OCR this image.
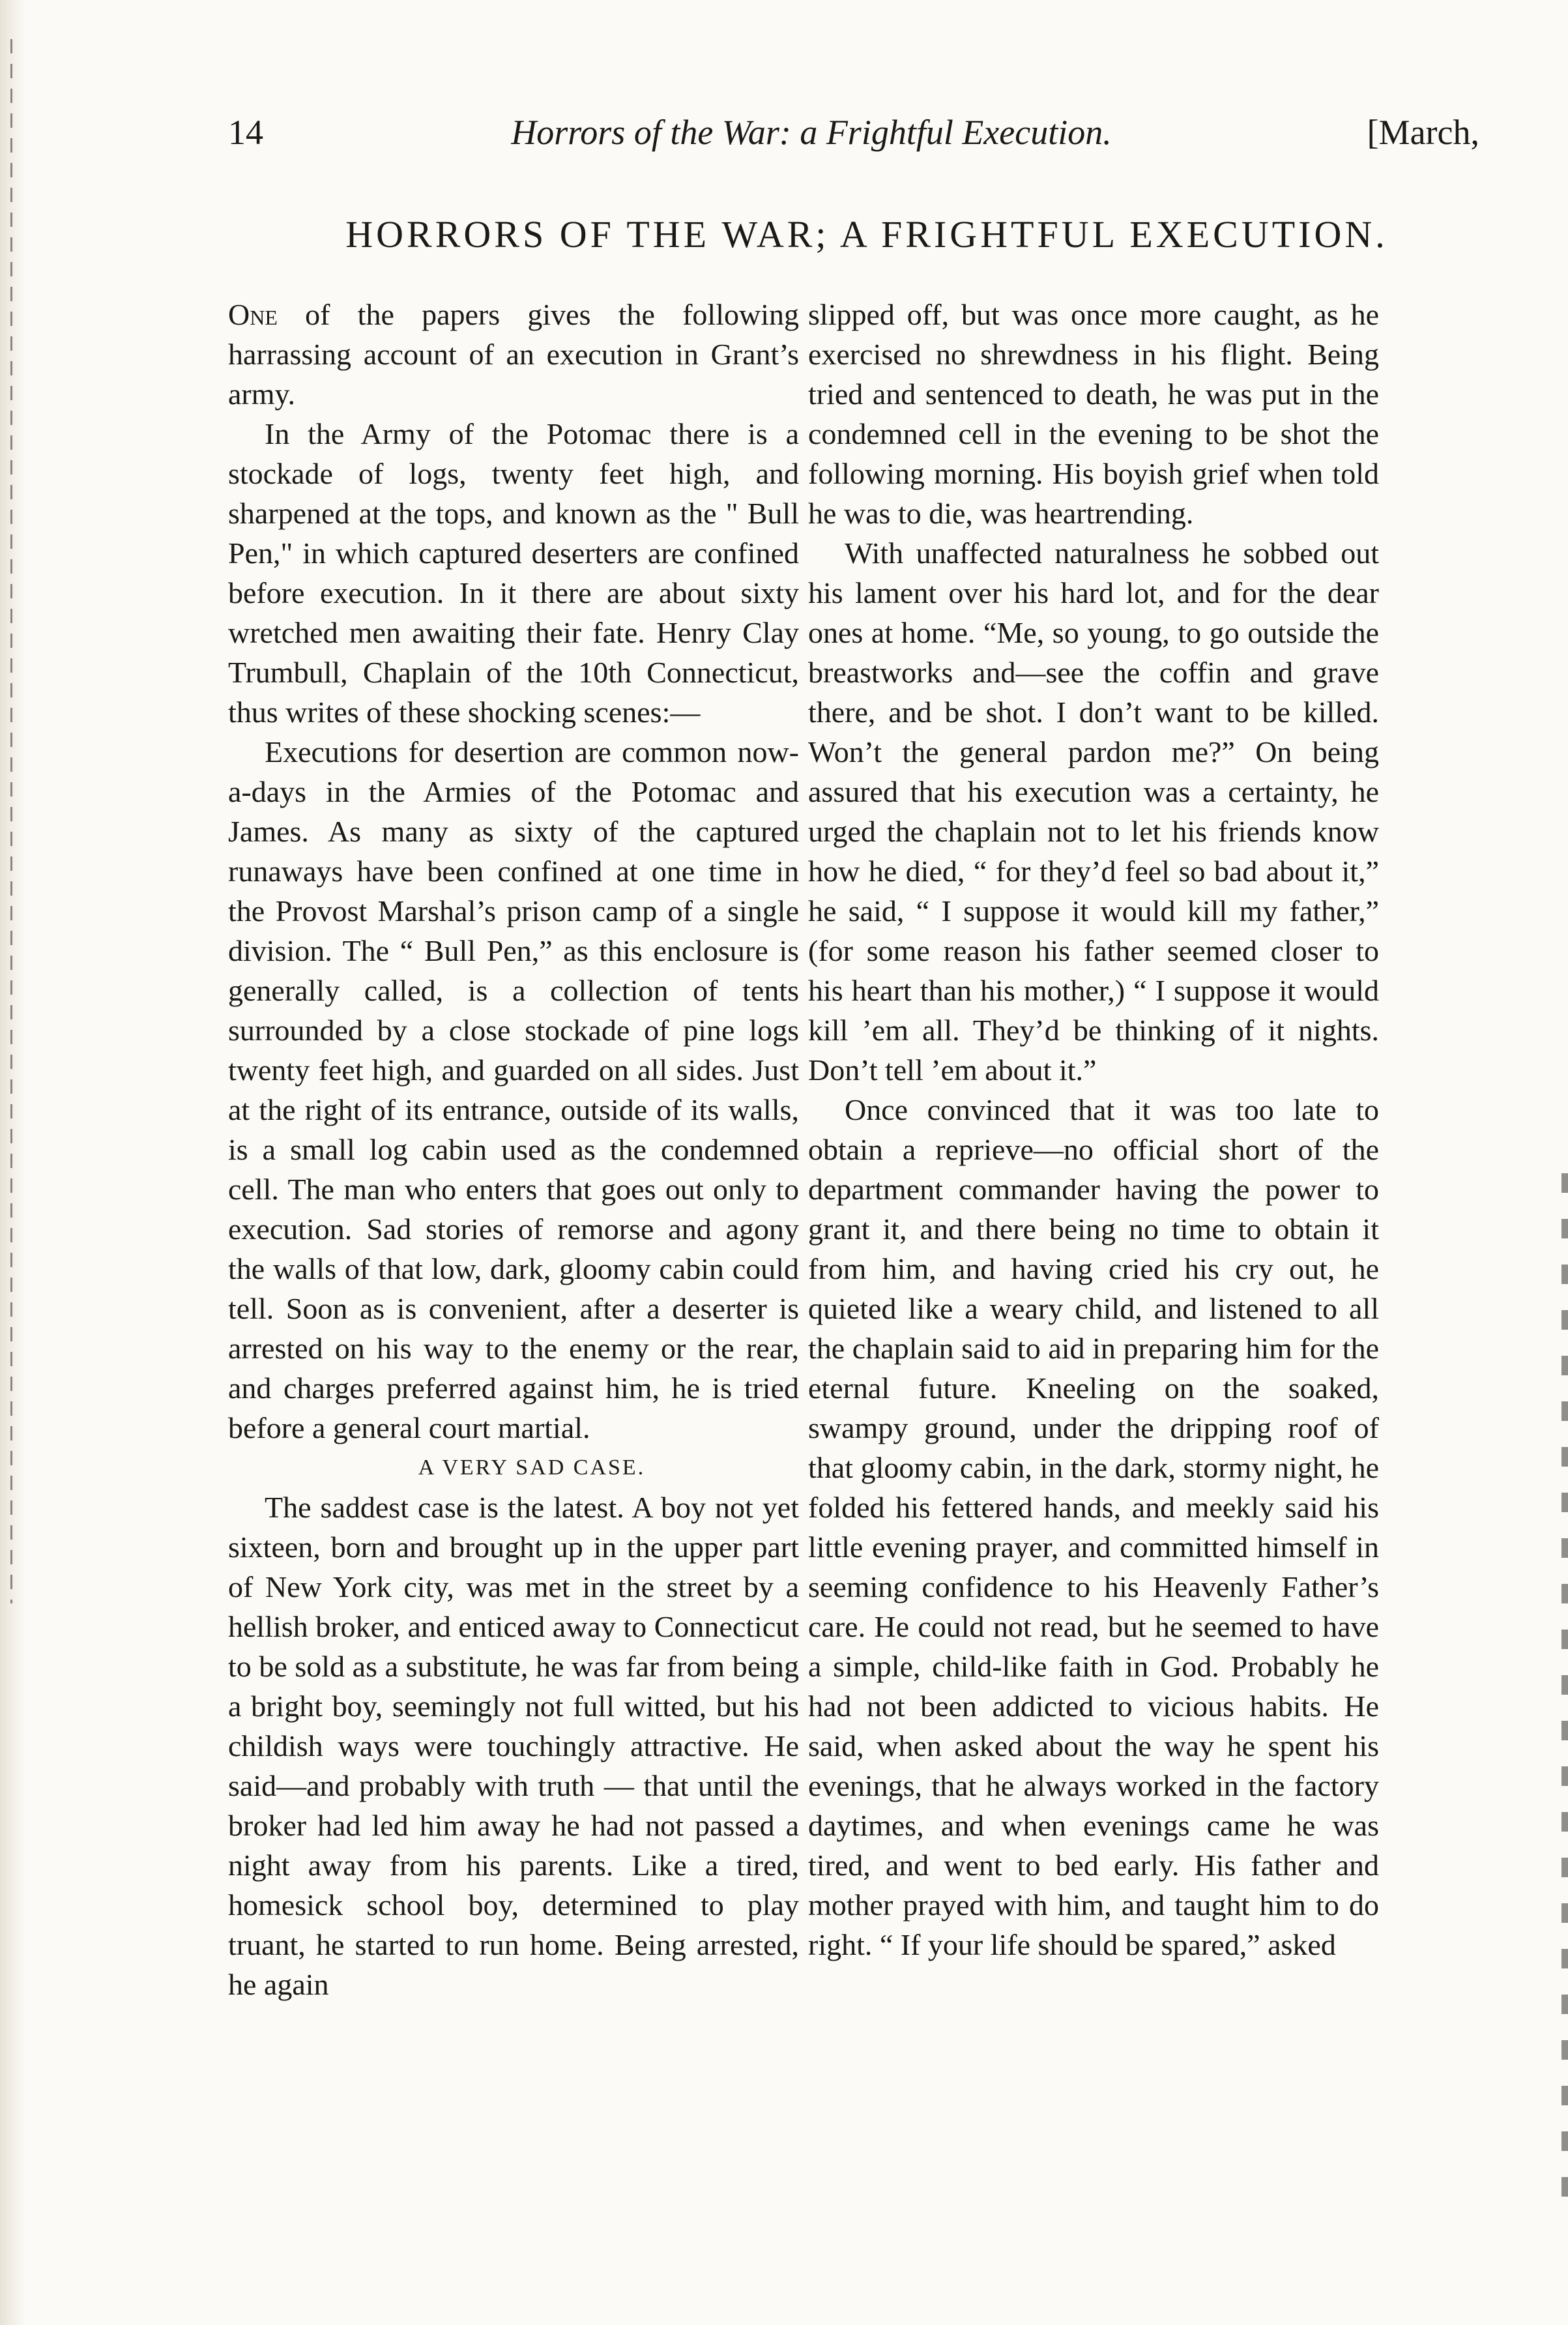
14	Horrors of the War: a Frightful Execution.	[March,
HORRORS OF THE WAR; A FRIGHTFUL EXECUTION.

One of the papers gives the following harrassing account of an execution in Grant’s army.

In the Army of the Potomac there is a stockade of logs, twenty feet high, and sharpened at the tops, and known as the " Bull Pen," in which captured deserters are confined before execution. In it there are about sixty wretched men awaiting their fate. Henry Clay Trumbull, Chaplain of the 10th Connecticut, thus writes of these shocking scenes:—

Executions for desertion are common now-a-days in the Armies of the Potomac and James. As many as sixty of the captured runaways have been confined at one time in the Provost Marshal’s prison camp of a single division. The “ Bull Pen,” as this enclosure is generally called, is a collection of tents surrounded by a close stockade of pine logs twenty feet high, and guarded on all sides. Just at the right of its entrance, outside of its walls, is a small log cabin used as the condemned cell. The man who enters that goes out only to execution. Sad stories of remorse and agony the walls of that low, dark, gloomy cabin could tell. Soon as is convenient, after a deserter is arrested on his way to the enemy or the rear, and charges preferred against him, he is tried before a general court martial.

A VERY SAD CASE.

The saddest case is the latest. A boy not yet sixteen, born and brought up in the upper part of New York city, was met in the street by a hellish broker, and enticed away to Connecticut to be sold as a substitute, he was far from being a bright boy, seemingly not full witted, but his childish ways were touchingly attractive. He said—and probably with truth — that until the broker had led him away he had not passed a night away from his parents. Like a tired, homesick school boy, determined to play truant, he started to run home. Being arrested, he again

slipped off, but was once more caught, as he exercised no shrewdness in his flight. Being tried and sentenced to death, he was put in the condemned cell in the evening to be shot the following morning. His boyish grief when told he was to die, was heartrending.

With unaffected naturalness he sobbed out his lament over his hard lot, and for the dear ones at home. “Me, so young, to go outside the breastworks and—see the coffin and grave there, and be shot. I don’t want to be killed. Won’t the general pardon me?” On being assured that his execution was a certainty, he urged the chaplain not to let his friends know how he died, “ for they’d feel so bad about it,” he said, “ I suppose it would kill my father,” (for some reason his father seemed closer to his heart than his mother,) “ I suppose it would kill ’em all. They’d be thinking of it nights. Don’t tell ’em about it.”

Once convinced that it was too late to obtain a reprieve—no official short of the department commander having the power to grant it, and there being no time to obtain it from him, and having cried his cry out, he quieted like a weary child, and listened to all the chaplain said to aid in preparing him for the eternal future. Kneeling on the soaked, swampy ground, under the dripping roof of that gloomy cabin, in the dark, stormy night, he folded his fettered hands, and meekly said his little evening prayer, and committed himself in seeming confidence to his Heavenly Father’s care. He could not read, but he seemed to have a simple, child-like faith in God. Probably he had not been addicted to vicious habits. He said, when asked about the way he spent his evenings, that he always worked in the factory daytimes, and when evenings came he was tired, and went to bed early. His father and mother prayed with him, and taught him to do right. “ If your life should be spared,” asked
